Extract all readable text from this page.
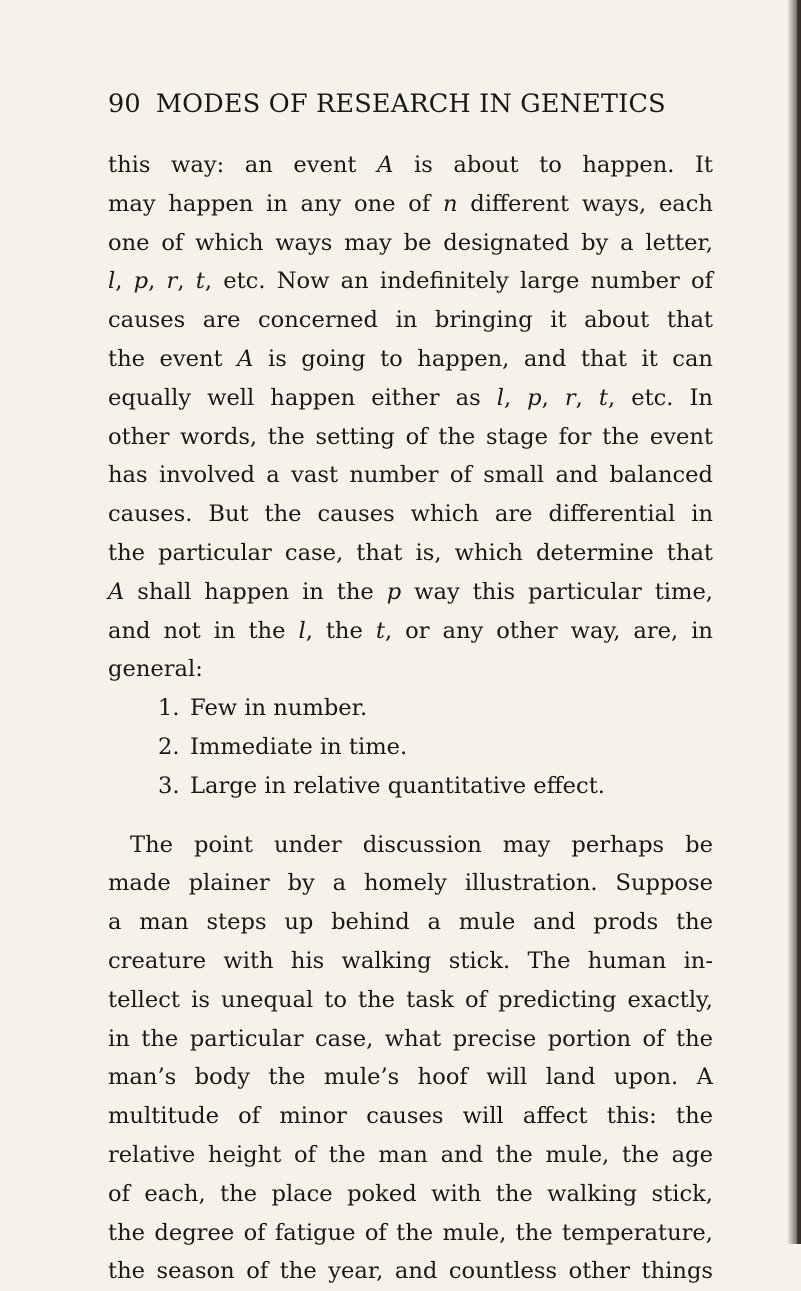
90 MODES OF RESEARCH IN GENETICS
this way: an event A is about to happen. It
may happen in any one of n different ways, each
one of which ways may be designated by a letter,
l, p, r, t, etc. Now an indefinitely large number of
causes are concerned in bringing it about that
the event A is going to happen, and that it can
equally well happen either as l, p, r, t, etc. In
other words, the setting of the stage for the event
has involved a vast number of small and balanced
causes. But the causes which are differential in
the particular case, that is, which determine that
A shall happen in the p way this particular time,
and not in the l, the t, or any other way, are, in
general:
1. Few in number.
2. Immediate in time.
3. Large in relative quantitative effect.
The point under discussion may perhaps be
made plainer by a homely illustration. Suppose
a man steps up behind a mule and prods the
creature with his walking stick. The human in-
tellect is unequal to the task of predicting exactly,
in the particular case, what precise portion of the
man’s body the mule’s hoof will land upon. A
multitude of minor causes will affect this: the
relative height of the man and the mule, the age
of each, the place poked with the walking stick,
the degree of fatigue of the mule, the temperature,
the season of the year, and countless other things
